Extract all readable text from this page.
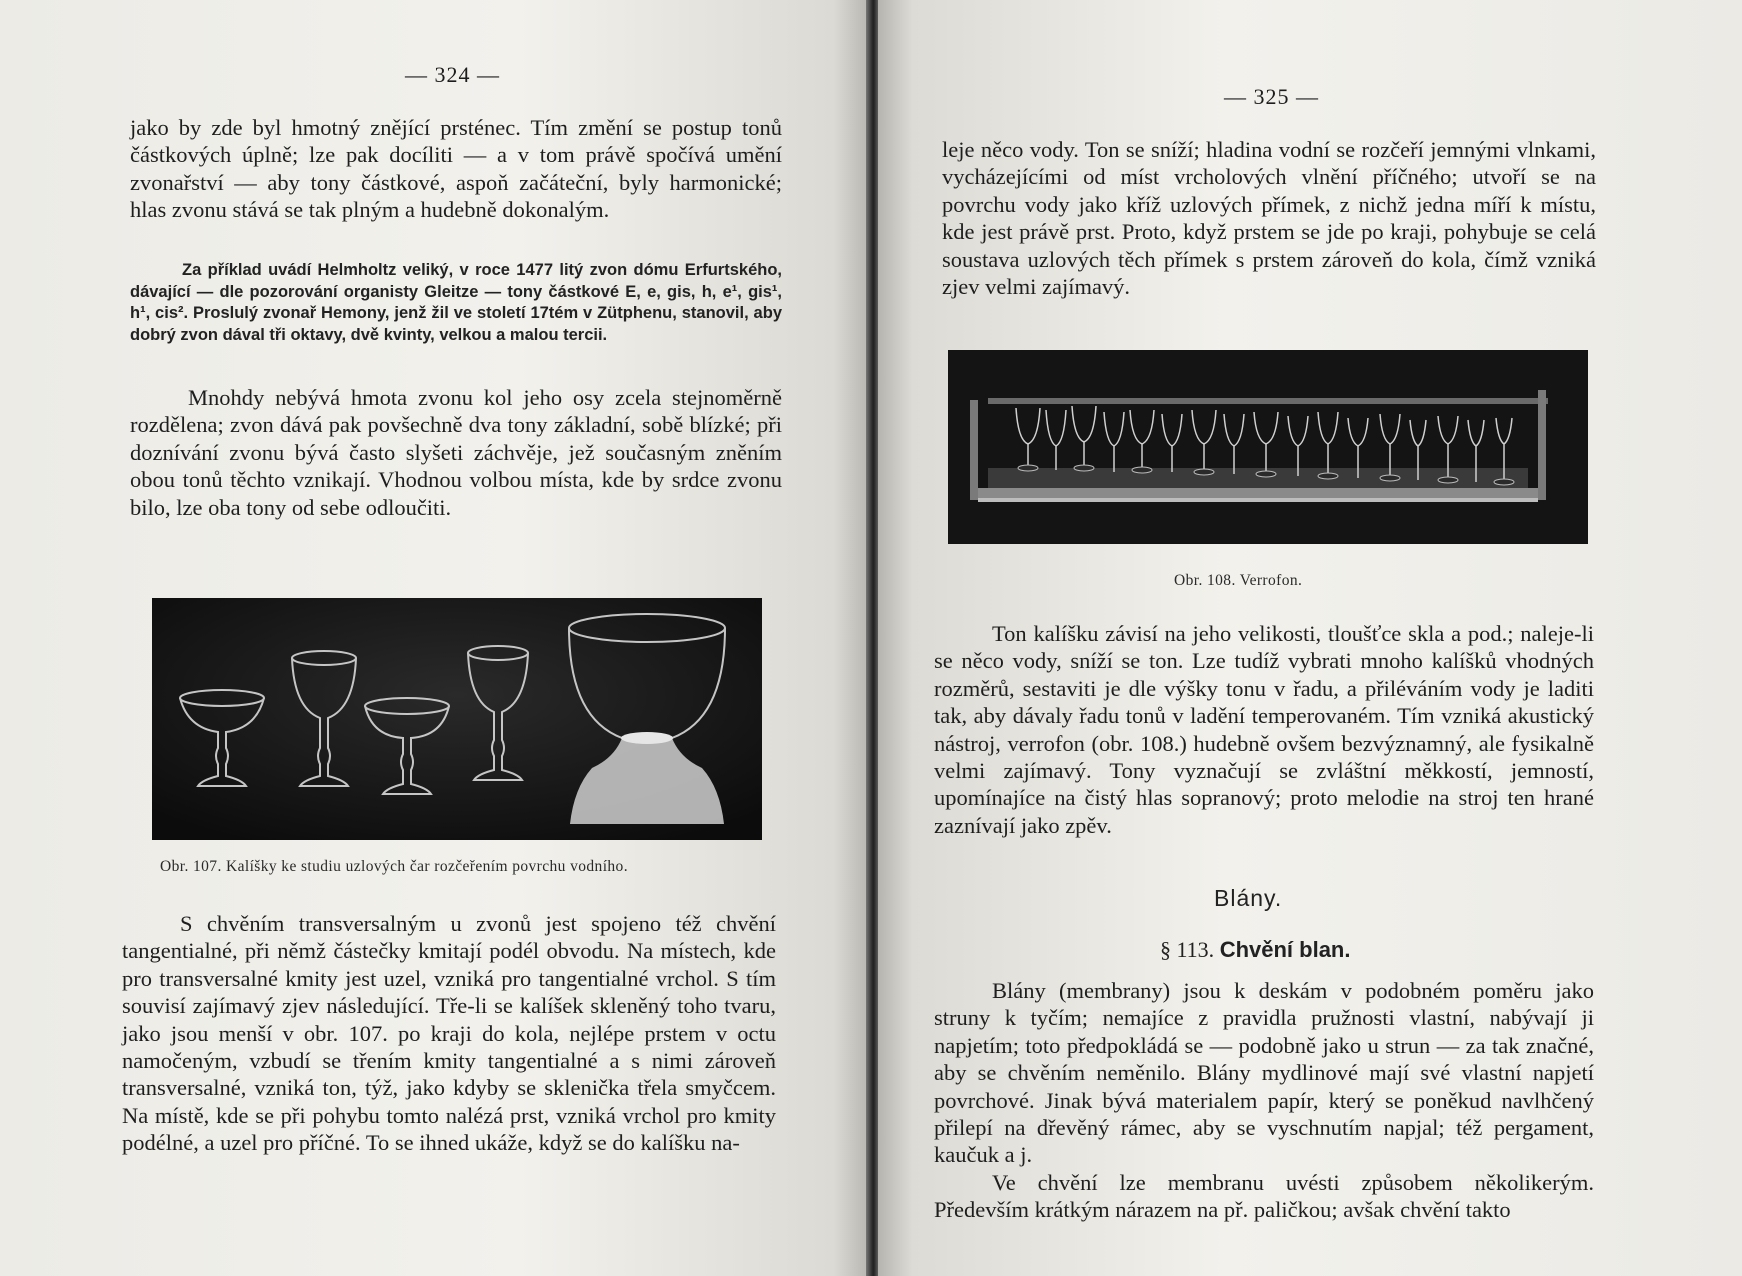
— 324 —

jako by zde byl hmotný znějící prsténec. Tím změní se postup tonů částkových úplně; lze pak docíliti — a v tom právě spočívá umění zvonařství — aby tony částkové, aspoň začáteční, byly harmonické; hlas zvonu stává se tak plným a hudebně dokonalým.

Za příklad uvádí Helmholtz veliký, v roce 1477 litý zvon dómu Erfurtského, dávající — dle pozorování organisty Gleitze — tony částkové E, e, gis, h, e¹, gis¹, h¹, cis². Proslulý zvonař Hemony, jenž žil ve století 17tém v Zütphenu, stanovil, aby dobrý zvon dával tři oktavy, dvě kvinty, velkou a malou tercii.

Mnohdy nebývá hmota zvonu kol jeho osy zcela stejnoměrně rozdělena; zvon dává pak povšechně dva tony základní, sobě blízké; při doznívání zvonu bývá často slyšeti záchvěje, jež současným zněním obou tonů těchto vznikají. Vhodnou volbou místa, kde by srdce zvonu bilo, lze oba tony od sebe odloučiti.

Obr. 107. Kalíšky ke studiu uzlových čar rozčeřením povrchu vodního.

S chvěním transversalným u zvonů jest spojeno též chvění tangentialné, při němž částečky kmitají podél obvodu. Na místech, kde pro transversalné kmity jest uzel, vzniká pro tangentialné vrchol. S tím souvisí zajímavý zjev následující. Tře-li se kalíšek skleněný toho tvaru, jako jsou menší v obr. 107. po kraji do kola, nejlépe prstem v octu namočeným, vzbudí se třením kmity tangentialné a s nimi zároveň transversalné, vzniká ton, týž, jako kdyby se sklenička třela smyčcem. Na místě, kde se při pohybu tomto nalézá prst, vzniká vrchol pro kmity podélné, a uzel pro příčné. To se ihned ukáže, když se do kalíšku na-

— 325 —

leje něco vody. Ton se sníží; hladina vodní se rozčeří jemnými vlnkami, vycházejícími od míst vrcholových vlnění příčného; utvoří se na povrchu vody jako kříž uzlových přímek, z nichž jedna míří k místu, kde jest právě prst. Proto, když prstem se jde po kraji, pohybuje se celá soustava uzlových těch přímek s prstem zároveň do kola, čímž vzniká zjev velmi zajímavý.

Obr. 108. Verrofon.

Ton kalíšku závisí na jeho velikosti, tloušťce skla a pod.; naleje-li se něco vody, sníží se ton. Lze tudíž vybrati mnoho kalíšků vhodných rozměrů, sestaviti je dle výšky tonu v řadu, a přiléváním vody je laditi tak, aby dávaly řadu tonů v ladění temperovaném. Tím vzniká akustický nástroj, verrofon (obr. 108.) hudebně ovšem bezvýznamný, ale fysikalně velmi zajímavý. Tony vyznačují se zvláštní měkkostí, jemností, upomínajíce na čistý hlas sopranový; proto melodie na stroj ten hrané zaznívají jako zpěv.

Blány.
§ 113. Chvění blan.

Blány (membrany) jsou k deskám v podobném poměru jako struny k tyčím; nemajíce z pravidla pružnosti vlastní, nabývají ji napjetím; toto předpokládá se — podobně jako u strun — za tak značné, aby se chvěním neměnilo. Blány mydlinové mají své vlastní napjetí povrchové. Jinak bývá materialem papír, který se poněkud navlhčený přilepí na dřevěný rámec, aby se vyschnutím napjal; též pergament, kaučuk a j.

Ve chvění lze membranu uvésti způsobem několikerým. Především krátkým nárazem na př. paličkou; avšak chvění takto
